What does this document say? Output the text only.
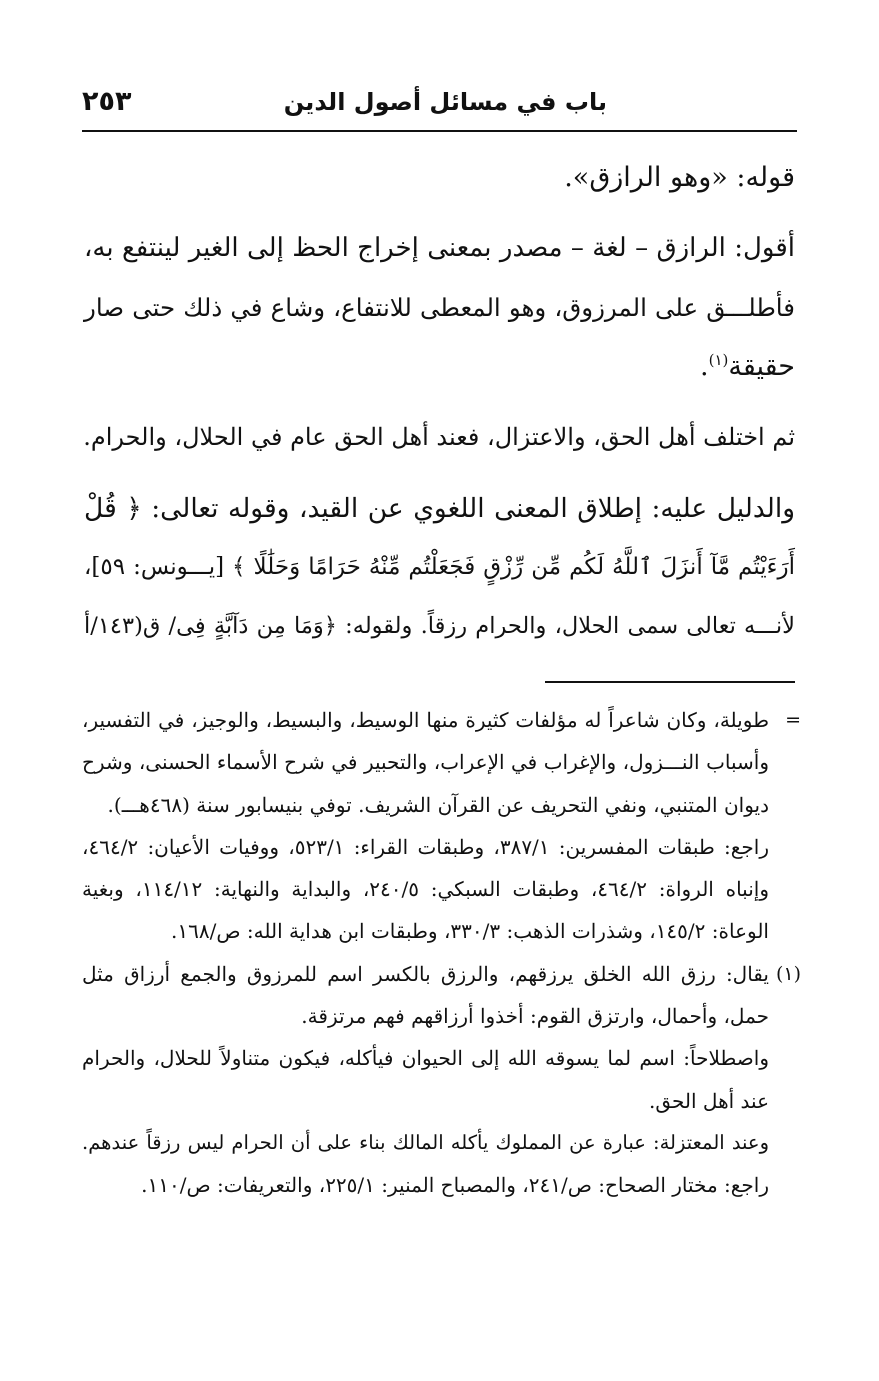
باب في مسائل أصول الدين
٢٥٣
قوله: «وهو الرازق».
أقول: الرازق – لغة – مصدر بمعنى إخراج الحظ إلى الغير لينتفع به،
فأطلـــق على المرزوق، وهو المعطى للانتفاع، وشاع في ذلك حتى صار
حقيقة$^{(١)}$.
ثم اختلف أهل الحق، والاعتزال، فعند أهل الحق عام في الحلال، والحرام.
والدليل عليه: إطلاق المعنى اللغوي عن القيد، وقوله تعالى: ﴿ قُلْ
أَرَءَيْتُم مَّآ أَنزَلَ ٱللَّهُ لَكُم مِّن رِّزْقٍ فَجَعَلْتُم مِّنْهُ حَرَامًا وَحَلَٰلًا ﴾ [يـــونس: ٥٩]،
لأنـــه تعالى سمى الحلال، والحرام رزقاً. ولقوله: ﴿وَمَا مِن دَآبَّةٍ فِى/ ق(١٤٣/أ
=
طويلة، وكان شاعراً له مؤلفات كثيرة منها الوسيط، والبسيط، والوجيز، في التفسير،
وأسباب النـــزول، والإغراب في الإعراب، والتحبير في شرح الأسماء الحسنى، وشرح
ديوان المتنبي، ونفي التحريف عن القرآن الشريف. توفي بنيسابور سنة (٤٦٨هـــ).
راجع: طبقات المفسرين: ٣٨٧/١، وطبقات القراء: ٥٢٣/١، ووفيات الأعيان: ٤٦٤/٢،
وإنباه الرواة: ٤٦٤/٢، وطبقات السبكي: ٢٤٠/٥، والبداية والنهاية: ١١٤/١٢، وبغية
الوعاة: ١٤٥/٢، وشذرات الذهب: ٣٣٠/٣، وطبقات ابن هداية الله: ص/١٦٨.
(١)
يقال: رزق الله الخلق يرزقهم، والرزق بالكسر اسم للمرزوق والجمع أرزاق مثل
حمل، وأحمال، وارتزق القوم: أخذوا أرزاقهم فهم مرتزقة.
واصطلاحاً: اسم لما يسوقه الله إلى الحيوان فيأكله، فيكون متناولاً للحلال، والحرام
عند أهل الحق.
وعند المعتزلة: عبارة عن المملوك يأكله المالك بناء على أن الحرام ليس رزقاً عندهم.
راجع: مختار الصحاح: ص/٢٤١، والمصباح المنير: ٢٢٥/١، والتعريفات: ص/١١٠.
